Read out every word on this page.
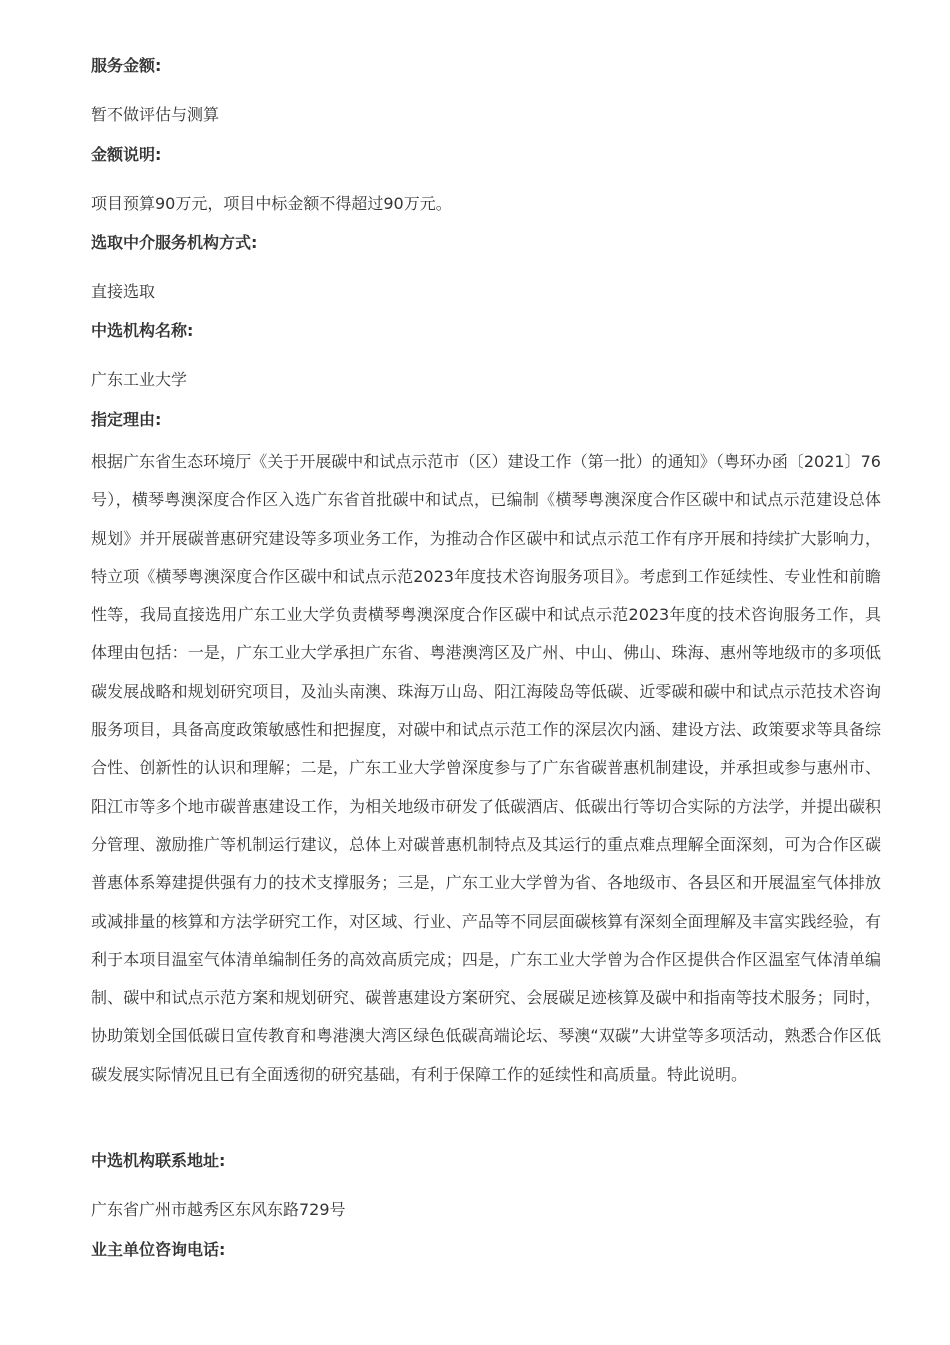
服务金额:

暂不做评估与测算

金额说明:

项目预算90万元，项目中标金额不得超过90万元。

选取中介服务机构方式:

直接选取

中选机构名称:

广东工业大学

指定理由:

根据广东省生态环境厅《关于开展碳中和试点示范市（区）建设工作（第一批）的通知》（粤环办函〔2021〕76号），横琴粤澳深度合作区入选广东省首批碳中和试点，已编制《横琴粤澳深度合作区碳中和试点示范建设总体规划》并开展碳普惠研究建设等多项业务工作，为推动合作区碳中和试点示范工作有序开展和持续扩大影响力，特立项《横琴粤澳深度合作区碳中和试点示范2023年度技术咨询服务项目》。考虑到工作延续性、专业性和前瞻性等，我局直接选用广东工业大学负责横琴粤澳深度合作区碳中和试点示范2023年度的技术咨询服务工作，具体理由包括：一是，广东工业大学承担广东省、粤港澳湾区及广州、中山、佛山、珠海、惠州等地级市的多项低碳发展战略和规划研究项目，及汕头南澳、珠海万山岛、阳江海陵岛等低碳、近零碳和碳中和试点示范技术咨询服务项目，具备高度政策敏感性和把握度，对碳中和试点示范工作的深层次内涵、建设方法、政策要求等具备综合性、创新性的认识和理解；二是，广东工业大学曾深度参与了广东省碳普惠机制建设，并承担或参与惠州市、阳江市等多个地市碳普惠建设工作，为相关地级市研发了低碳酒店、低碳出行等切合实际的方法学，并提出碳积分管理、激励推广等机制运行建议，总体上对碳普惠机制特点及其运行的重点难点理解全面深刻，可为合作区碳普惠体系筹建提供强有力的技术支撑服务；三是，广东工业大学曾为省、各地级市、各县区和开展温室气体排放或减排量的核算和方法学研究工作，对区域、行业、产品等不同层面碳核算有深刻全面理解及丰富实践经验，有利于本项目温室气体清单编制任务的高效高质完成；四是，广东工业大学曾为合作区提供合作区温室气体清单编制、碳中和试点示范方案和规划研究、碳普惠建设方案研究、会展碳足迹核算及碳中和指南等技术服务；同时，协助策划全国低碳日宣传教育和粤港澳大湾区绿色低碳高端论坛、琴澳“双碳”大讲堂等多项活动，熟悉合作区低碳发展实际情况且已有全面透彻的研究基础，有利于保障工作的延续性和高质量。特此说明。

中选机构联系地址:

广东省广州市越秀区东风东路729号

业主单位咨询电话:
